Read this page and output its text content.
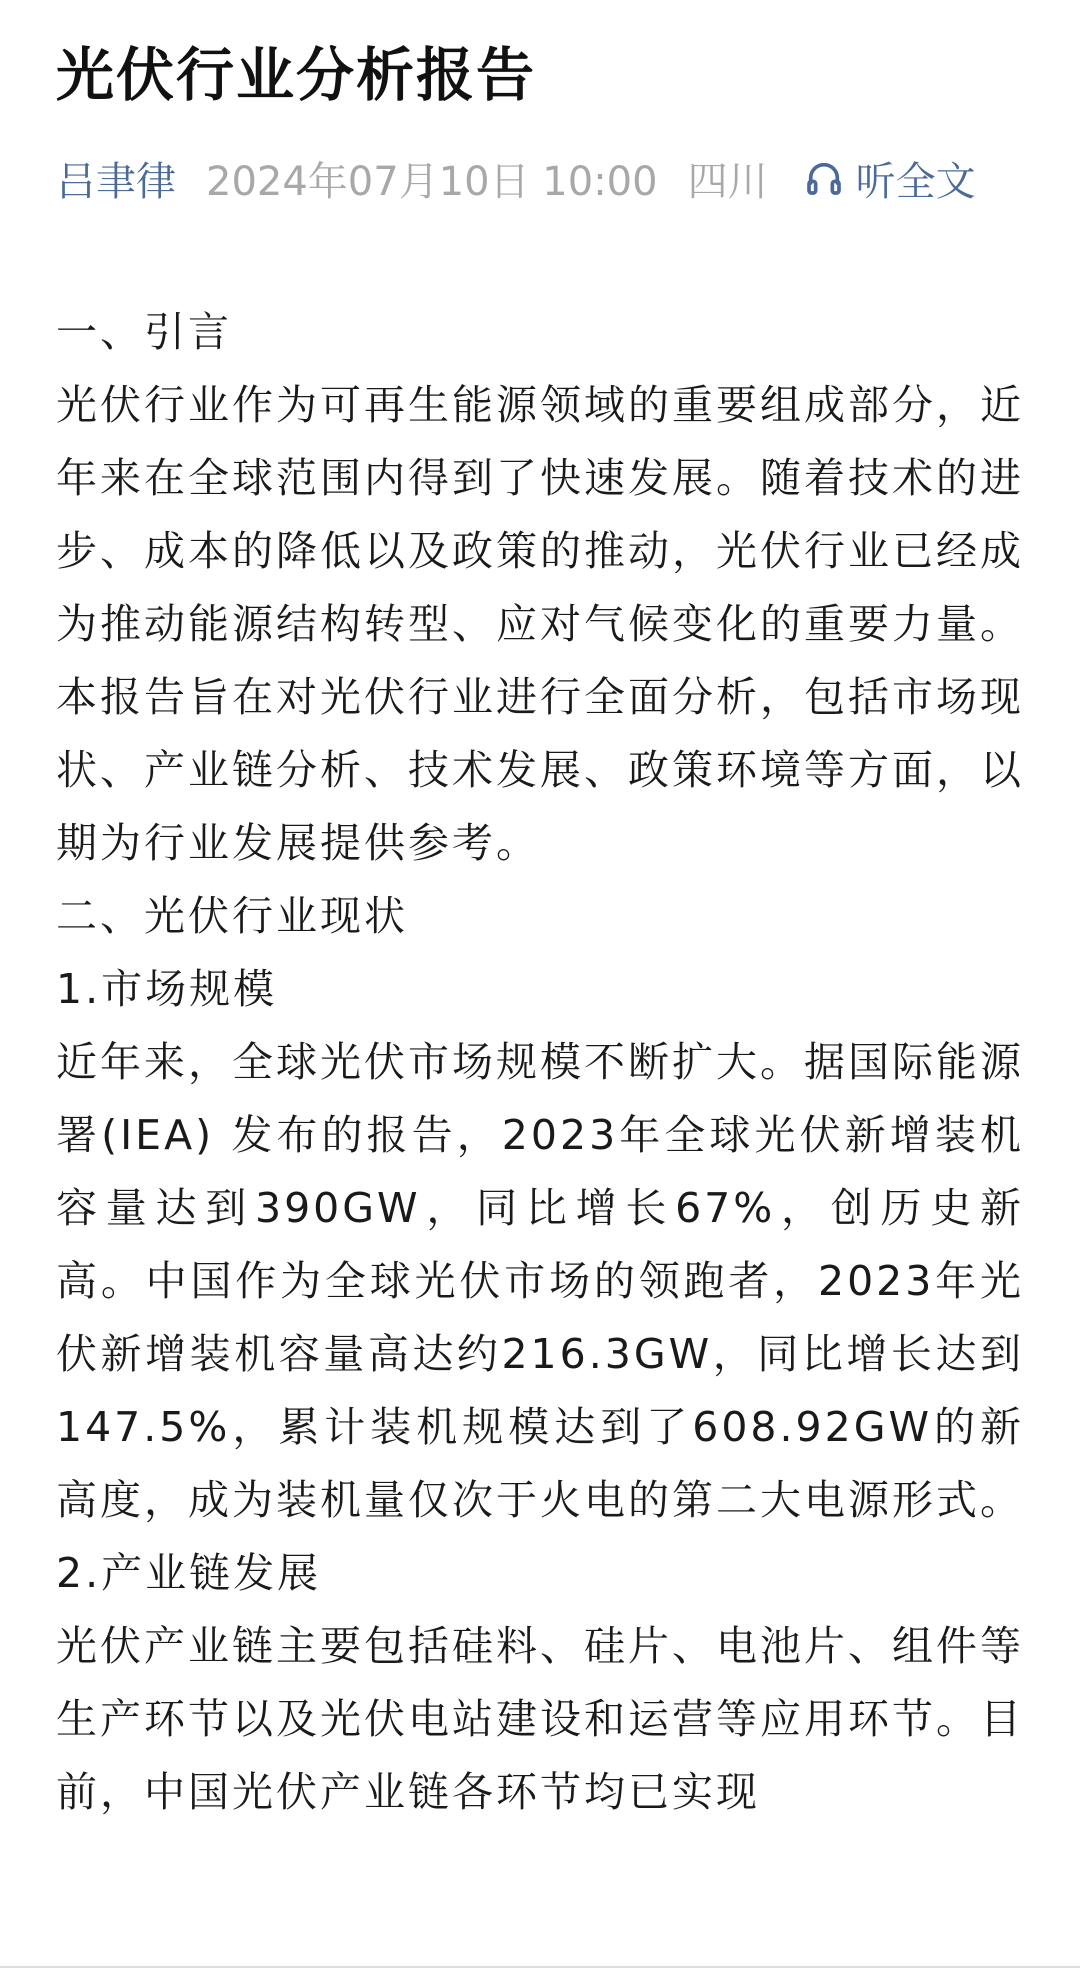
光伏行业分析报告
吕聿律 2024年07月10日 10:00 四川 听全文

一、引言

光伏行业作为可再生能源领域的重要组成部分，近年来在全球范围内得到了快速发展。随着技术的进步、成本的降低以及政策的推动，光伏行业已经成为推动能源结构转型、应对气候变化的重要力量。本报告旨在对光伏行业进行全面分析，包括市场现状、产业链分析、技术发展、政策环境等方面，以期为行业发展提供参考。

二、光伏行业现状

1.市场规模

近年来，全球光伏市场规模不断扩大。据国际能源署(IEA) 发布的报告，2023年全球光伏新增装机容量达到390GW，同比增长67%，创历史新高。中国作为全球光伏市场的领跑者，2023年光伏新增装机容量高达约216.3GW，同比增长达到147.5%，累计装机规模达到了608.92GW的新高度，成为装机量仅次于火电的第二大电源形式。

2.产业链发展

光伏产业链主要包括硅料、硅片、电池片、组件等生产环节以及光伏电站建设和运营等应用环节。目前，中国光伏产业链各环节均已实现
